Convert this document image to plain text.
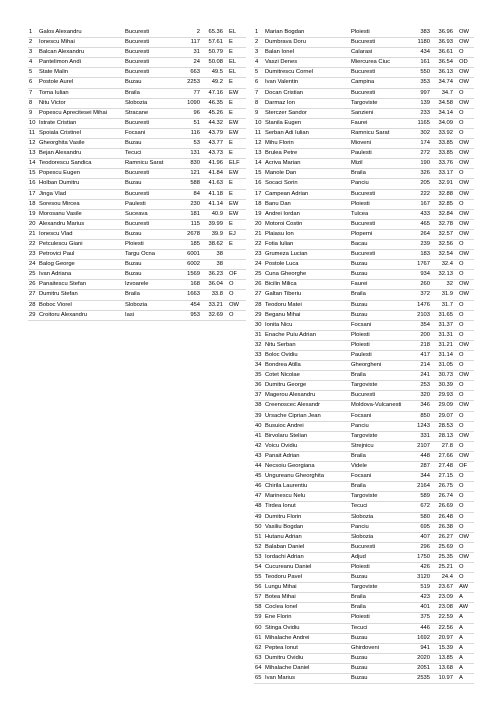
1	Galos Alexandru	Bucuresti	2	65.36	EL
2	Ionescu Mihai	Bucuresti	117	57.61	E
3	Balcan Alexandru	Bucuresti	31	50.79	E
4	Pantelimon Andi	Bucuresti	24	50.08	EL
5	State Malin	Bucuresti	663	49.5	EL
6	Postole Aurel	Buzau	2253	49.2	E
7	Toma Iulian	Braila	77	47.16	EW
8	Nitu Victor	Slobozia	1090	46.35	E
9	Popescu Aprecitesei Mihai	Stracane	96	45.26	E
10	Istrate Cristian	Bucuresti	51	44.32	EW
11	Spoiala Cristinel	Focsani	116	43.79	EW
12	Gheorghita Vasile	Buzau	53	43.77	E
13	Bejan Alexandru	Tecuci	131	43.73	E
14	Teodorescu Sandica	Ramnicu Sarat	830	41.96	ELF
15	Popescu Eugen	Bucuresti	121	41.84	EW
16	Holban Dumitru	Buzau	588	41.63	E
17	Jinga Vlad	Bucuresti	84	41.18	E
18	Soresou Mircea	Paulesti	230	41.14	EW
19	Morosanu Vasile	Suceava	181	40.9	EW
20	Alexandru Marius	Bucuresti	115	39.99	E
21	Ionescu Vlad	Buzau	2678	39.9	EJ
22	Petculescu Giani	Ploiesti	185	38.62	E
23	Petrovici Paul	Targu Ocna	6001	38	
24	Balog George	Buzau	6002	38	
25	Ivan Adriana	Buzau	1569	36.23	OF
26	Panaitescu Stefan	Izvoarele	168	36.04	O
27	Dumitru Stefan	Braila	1663	33.8	O
28	Boboc Viorel	Slobozia	454	33.21	OW
29	Croitoru Alexandru	Iasi	953	32.69	O
1	Marian Bogdan	Ploiesti	383	36.96	OW
2	Dumbrava Doru	Bucuresti	1180	36.93	OW
3	Balan Ionel	Calarasi	434	36.61	O
4	Vaszi Denes	Miercurea Ciuc	161	36.54	OD
5	Dumitrescu Cornel	Bucuresti	550	36.13	OW
6	Ivan Valentin	Campina	353	34.74	OW
7	Docan Cristian	Bucuresti	997	34.7	O
8	Darmaz Ion	Targoviste	139	34.58	OW
9	Sterczer Sandor	Sanzieni	233	34.14	O
10	Stanila Eugen	Faurei	1165	34.09	O
11	Serban Adi Iulian	Ramnicu Sarat	302	33.92	O
12	Mihu Florin	Mioveni	174	33.85	OW
13	Brulea Petre	Paulesti	272	33.85	OW
14	Acriva Marian	Mizil	190	33.76	OW
15	Manole Dan	Braila	326	33.17	O
16	Socaci Sorin	Panciu	205	32.91	OW
17	Campean Adrian	Bucuresti	222	32.88	OW
18	Banu Dan	Ploiesti	167	32.85	O
19	Andrei Iordan	Tulcea	433	32.84	OW
20	Motoroi Costin	Bucuresti	465	32.78	OW
21	Plaiasu Ion	Ploperni	264	32.57	OW
22	Fotia Iulian	Bacau	239	32.56	O
23	Grumeza Lucian	Bucuresti	183	32.54	OW
24	Postole Luca	Buzau	1767	32.4	O
25	Cuna Gheorghe	Buzau	934	32.13	O
26	Bicilin Milica	Faurei	260	32	OW
27	Galtan Tiberiu	Braila	372	31.9	OW
28	Teodoru Matei	Buzau	1476	31.7	O
29	Beganu Mihai	Buzau	2103	31.65	O
30	Ionita Nicu	Focsani	354	31.37	O
31	Enache Puiu Adrian	Ploiesti	200	31.31	O
32	Nitu Serban	Ploiesti	218	31.21	OW
33	Boloc Ovidiu	Paulesti	417	31.14	O
34	Bondrea Atilla	Gheorgheni	214	31.05	O
35	Cotet Nicolae	Braila	241	30.73	OW
36	Dumitru George	Targoviste	253	30.39	O
37	Magerou Alexandru	Bucuresti	320	29.93	O
38	Creenoscec Alexandr	Moldova-Vulcanesti	346	29.09	OW
39	Ursache Ciprian Jean	Focsani	850	29.07	O
40	Busuioc Andrei	Panciu	1243	28.53	O
41	Birvolaru Stelian	Targoviste	331	28.13	OW
42	Voicu Ovidiu	Strejnicu	2107	27.8	O
43	Panait Adrian	Braila	448	27.66	OW
44	Necsoiu Georgiana	Videle	287	27.48	OF
45	Ungureanu Gheorghita	Focsani	344	27.15	O
46	Chirila Laurentiu	Braila	2164	26.75	O
47	Marinescu Nelu	Targoviste	589	26.74	O
48	Tirdea Ionut	Tecuci	672	26.69	O
49	Dumitru Florin	Slobozia	580	26.48	O
50	Vasiliu Bogdan	Panciu	695	26.38	O
51	Hutanu Adrian	Slobozia	407	26.27	OW
52	Balaban Daniel	Bucuresti	296	25.69	O
53	Iordachi Adrian	Adjud	1750	25.35	OW
54	Cucureanu Daniel	Ploiesti	426	25.21	O
55	Teodoru Pavel	Buzau	3120	24.4	O
56	Lungu Mihai	Targoviste	519	23.67	AW
57	Botea Mihai	Braila	423	23.09	A
58	Coclea Ionel	Braila	401	23.08	AW
59	Ene Florin	Ploiesti	375	22.59	A
60	Stinga Ovidiu	Tecuci	446	22.56	A
61	Mihalache Andrei	Buzau	1692	20.97	A
62	Peptea Ionut	Ghirdoveni	941	15.39	A
63	Dumitru Ovidiu	Buzau	2020	13.85	A
64	Mihalache Daniel	Buzau	2051	13.68	A
65	Ivan Marius	Buzau	2535	10.97	A
